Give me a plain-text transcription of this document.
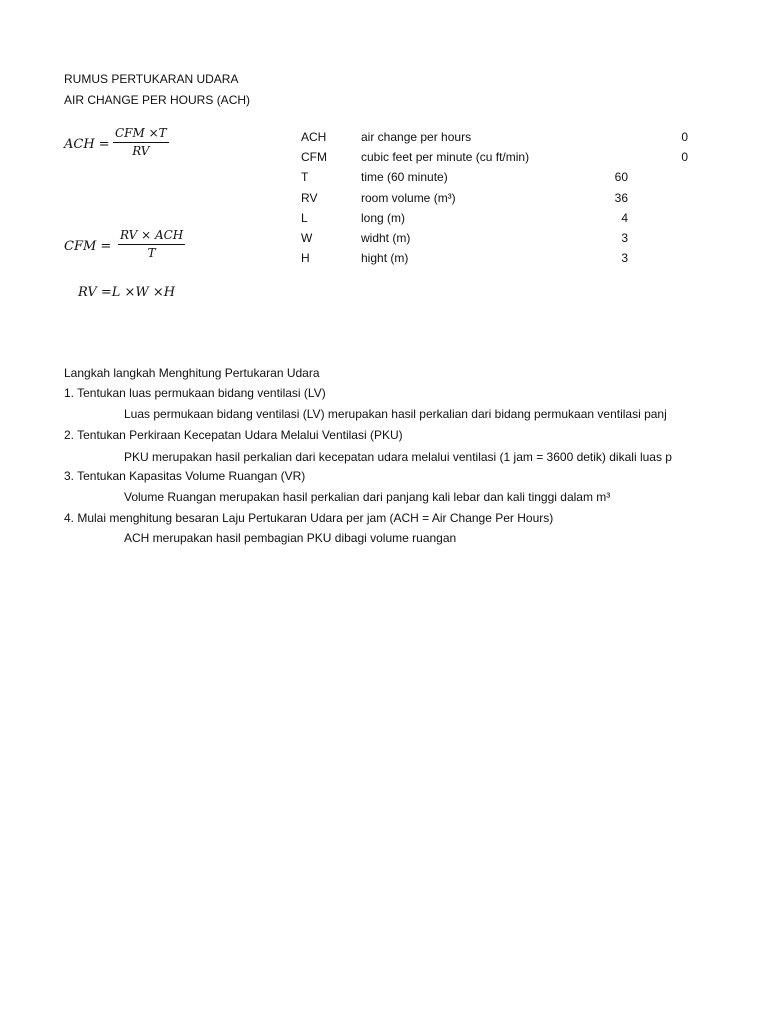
RUMUS PERTUKARAN UDARA
AIR CHANGE PER HOURS (ACH)
ACH =
CFM ×T
RV
CFM =
RV × ACH
T
RV =L ×W ×H
ACH	air change per hours	0
CFM	cubic feet per minute (cu ft/min)	0
T	time (60 minute)	60
RV	room volume (m³)	36
L	long (m)	4
W	widht (m)	3
H	hight (m)	3
Langkah langkah Menghitung Pertukaran Udara
1. Tentukan luas permukaan bidang ventilasi (LV)
Luas permukaan bidang ventilasi (LV) merupakan hasil perkalian dari bidang permukaan ventilasi panj
2. Tentukan Perkiraan Kecepatan Udara Melalui Ventilasi (PKU)
PKU merupakan hasil perkalian dari kecepatan udara melalui ventilasi (1 jam = 3600 detik) dikali luas p
3. Tentukan Kapasitas Volume Ruangan (VR)
Volume Ruangan merupakan hasil perkalian dari panjang kali lebar dan kali tinggi dalam m³
4. Mulai menghitung besaran Laju Pertukaran Udara per jam (ACH = Air Change Per Hours)
ACH merupakan hasil pembagian PKU dibagi volume ruangan
